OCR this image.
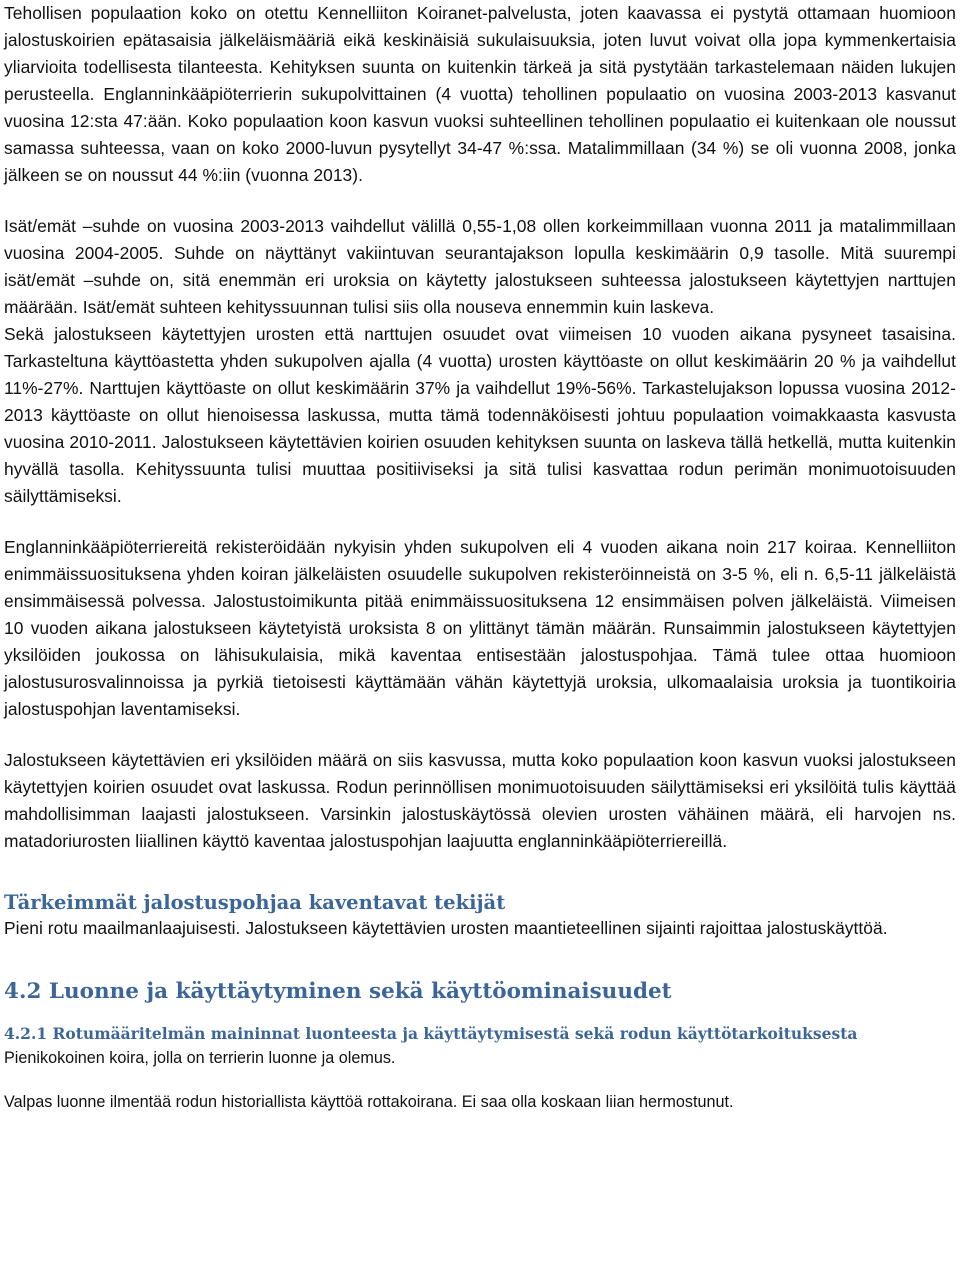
Tehollisen populaation koko on otettu Kennelliiton Koiranet-palvelusta, joten kaavassa ei pystytä ottamaan huomioon jalostuskoirien epätasaisia jälkeläismääriä eikä keskinäisiä sukulaisuuksia, joten luvut voivat olla jopa kymmenkertaisia yliarvioita todellisesta tilanteesta. Kehityksen suunta on kuitenkin tärkeä ja sitä pystytään tarkastelemaan näiden lukujen perusteella. Englanninkääpiöterrierin sukupolvittainen (4 vuotta) tehollinen populaatio on vuosina 2003-2013 kasvanut vuosina 12:sta 47:ään. Koko populaation koon kasvun vuoksi suhteellinen tehollinen populaatio ei kuitenkaan ole noussut samassa suhteessa, vaan on koko 2000-luvun pysytellyt 34-47 %:ssa. Matalimmillaan (34 %) se oli vuonna 2008, jonka jälkeen se on noussut 44 %:iin (vuonna 2013).

Isät/emät –suhde on vuosina 2003-2013 vaihdellut välillä 0,55-1,08 ollen korkeimmillaan vuonna 2011 ja matalimmillaan vuosina 2004-2005. Suhde on näyttänyt vakiintuvan seurantajakson lopulla keskimäärin 0,9 tasolle. Mitä suurempi isät/emät –suhde on, sitä enemmän eri uroksia on käytetty jalostukseen suhteessa jalostukseen käytettyjen narttujen määrään. Isät/emät suhteen kehityssuunnan tulisi siis olla nouseva ennemmin kuin laskeva.

Sekä jalostukseen käytettyjen urosten että narttujen osuudet ovat viimeisen 10 vuoden aikana pysyneet tasaisina. Tarkasteltuna käyttöastetta yhden sukupolven ajalla (4 vuotta) urosten käyttöaste on ollut keskimäärin 20 % ja vaihdellut 11%-27%. Narttujen käyttöaste on ollut keskimäärin 37% ja vaihdellut 19%-56%. Tarkastelujakson lopussa vuosina 2012-2013 käyttöaste on ollut hienoisessa laskussa, mutta tämä todennäköisesti johtuu populaation voimakkaasta kasvusta vuosina 2010-2011. Jalostukseen käytettävien koirien osuuden kehityksen suunta on laskeva tällä hetkellä, mutta kuitenkin hyvällä tasolla. Kehityssuunta tulisi muuttaa positiiviseksi ja sitä tulisi kasvattaa rodun perimän monimuotoisuuden säilyttämiseksi.

Englanninkääpiöterriereitä rekisteröidään nykyisin yhden sukupolven eli 4 vuoden aikana noin 217 koiraa. Kennelliiton enimmäissuosituksena yhden koiran jälkeläisten osuudelle sukupolven rekisteröinneistä on 3-5 %, eli n. 6,5-11 jälkeläistä ensimmäisessä polvessa. Jalostustoimikunta pitää enimmäissuosituksena 12 ensimmäisen polven jälkeläistä. Viimeisen 10 vuoden aikana jalostukseen käytetyistä uroksista 8 on ylittänyt tämän määrän. Runsaimmin jalostukseen käytettyjen yksilöiden joukossa on lähisukulaisia, mikä kaventaa entisestään jalostuspohjaa. Tämä tulee ottaa huomioon jalostusurosvalinnoissa ja pyrkiä tietoisesti käyttämään vähän käytettyjä uroksia, ulkomaalaisia uroksia ja tuontikoiria jalostuspohjan laventamiseksi.

Jalostukseen käytettävien eri yksilöiden määrä on siis kasvussa, mutta koko populaation koon kasvun vuoksi jalostukseen käytettyjen koirien osuudet ovat laskussa. Rodun perinnöllisen monimuotoisuuden säilyttämiseksi eri yksilöitä tulis käyttää mahdollisimman laajasti jalostukseen. Varsinkin jalostuskäytössä olevien urosten vähäinen määrä, eli harvojen ns. matadoriurosten liiallinen käyttö kaventaa jalostuspohjan laajuutta englanninkääpiöterriereillä.

Tärkeimmät jalostuspohjaa kaventavat tekijät

Pieni rotu maailmanlaajuisesti. Jalostukseen käytettävien urosten maantieteellinen sijainti rajoittaa jalostuskäyttöä.

4.2 Luonne ja käyttäytyminen sekä käyttöominaisuudet
4.2.1 Rotumääritelmän maininnat luonteesta ja käyttäytymisestä sekä rodun käyttötarkoituksesta

Pienikokoinen koira, jolla on terrierin luonne ja olemus.

Valpas luonne ilmentää rodun historiallista käyttöä rottakoirana. Ei saa olla koskaan liian hermostunut.
